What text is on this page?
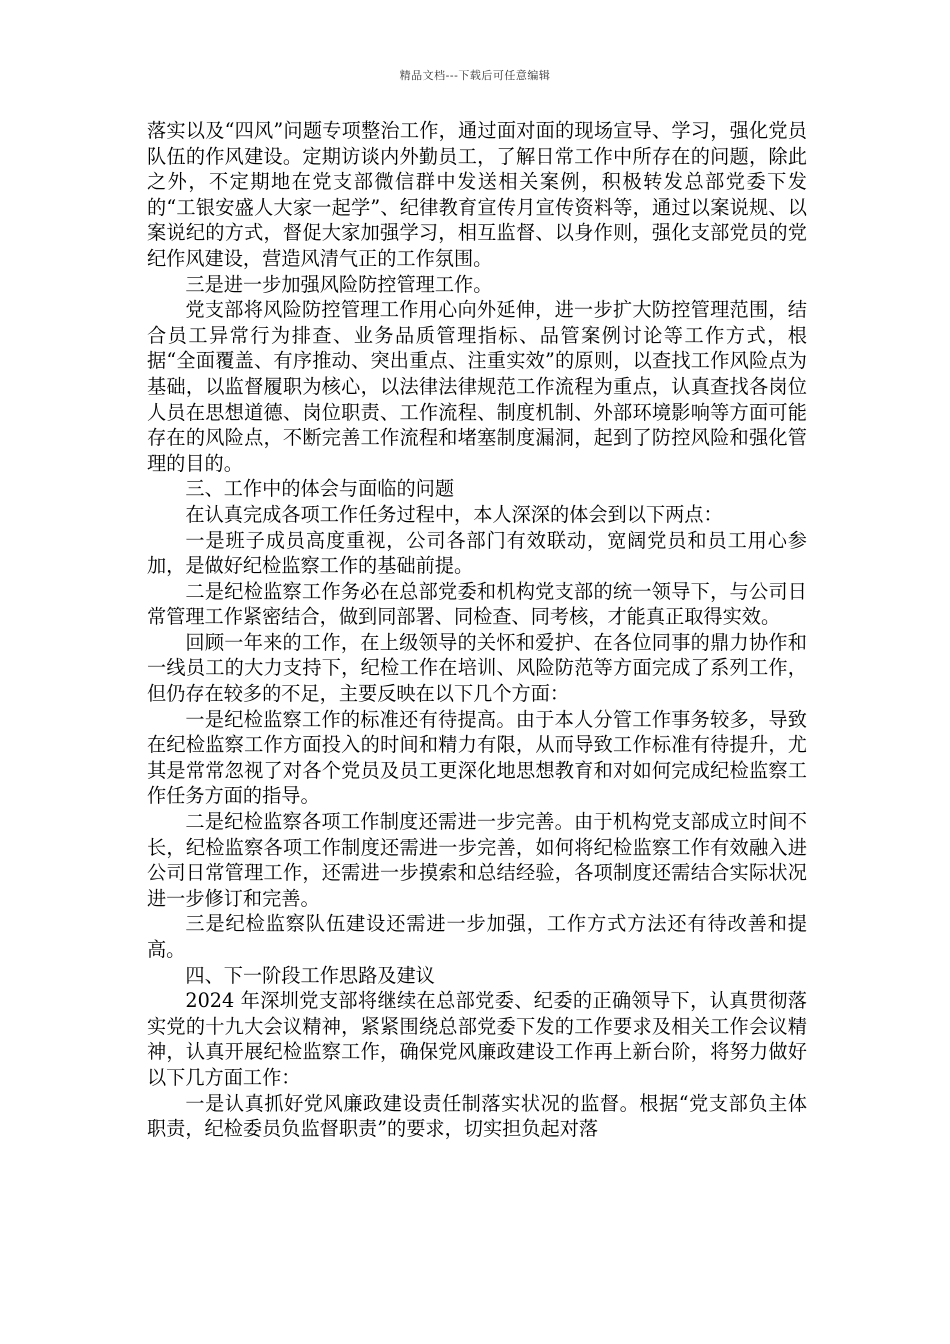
精品文档---下载后可任意编辑

落实以及“四风”问题专项整治工作，通过面对面的现场宣导、学习，强化党员队伍的作风建设。定期访谈内外勤员工，了解日常工作中所存在的问题，除此之外，不定期地在党支部微信群中发送相关案例，积极转发总部党委下发的“工银安盛人大家一起学”、纪律教育宣传月宣传资料等，通过以案说规、以案说纪的方式，督促大家加强学习，相互监督、以身作则，强化支部党员的党纪作风建设，营造风清气正的工作氛围。

三是进一步加强风险防控管理工作。

党支部将风险防控管理工作用心向外延伸，进一步扩大防控管理范围，结合员工异常行为排查、业务品质管理指标、品管案例讨论等工作方式，根据“全面覆盖、有序推动、突出重点、注重实效”的原则，以查找工作风险点为基础，以监督履职为核心，以法律法律规范工作流程为重点，认真查找各岗位人员在思想道德、岗位职责、工作流程、制度机制、外部环境影响等方面可能存在的风险点，不断完善工作流程和堵塞制度漏洞，起到了防控风险和强化管理的目的。

三、工作中的体会与面临的问题

在认真完成各项工作任务过程中，本人深深的体会到以下两点：

一是班子成员高度重视，公司各部门有效联动，宽阔党员和员工用心参加，是做好纪检监察工作的基础前提。

二是纪检监察工作务必在总部党委和机构党支部的统一领导下，与公司日常管理工作紧密结合，做到同部署、同检查、同考核，才能真正取得实效。

回顾一年来的工作，在上级领导的关怀和爱护、在各位同事的鼎力协作和一线员工的大力支持下，纪检工作在培训、风险防范等方面完成了系列工作，但仍存在较多的不足，主要反映在以下几个方面：

一是纪检监察工作的标准还有待提高。由于本人分管工作事务较多，导致在纪检监察工作方面投入的时间和精力有限，从而导致工作标准有待提升，尤其是常常忽视了对各个党员及员工更深化地思想教育和对如何完成纪检监察工作任务方面的指导。

二是纪检监察各项工作制度还需进一步完善。由于机构党支部成立时间不长，纪检监察各项工作制度还需进一步完善，如何将纪检监察工作有效融入进公司日常管理工作，还需进一步摸索和总结经验，各项制度还需结合实际状况进一步修订和完善。

三是纪检监察队伍建设还需进一步加强，工作方式方法还有待改善和提高。

四、下一阶段工作思路及建议

2024 年深圳党支部将继续在总部党委、纪委的正确领导下，认真贯彻落实党的十九大会议精神，紧紧围绕总部党委下发的工作要求及相关工作会议精神，认真开展纪检监察工作，确保党风廉政建设工作再上新台阶，将努力做好以下几方面工作：

一是认真抓好党风廉政建设责任制落实状况的监督。根据“党支部负主体职责，纪检委员负监督职责”的要求，切实担负起对落
